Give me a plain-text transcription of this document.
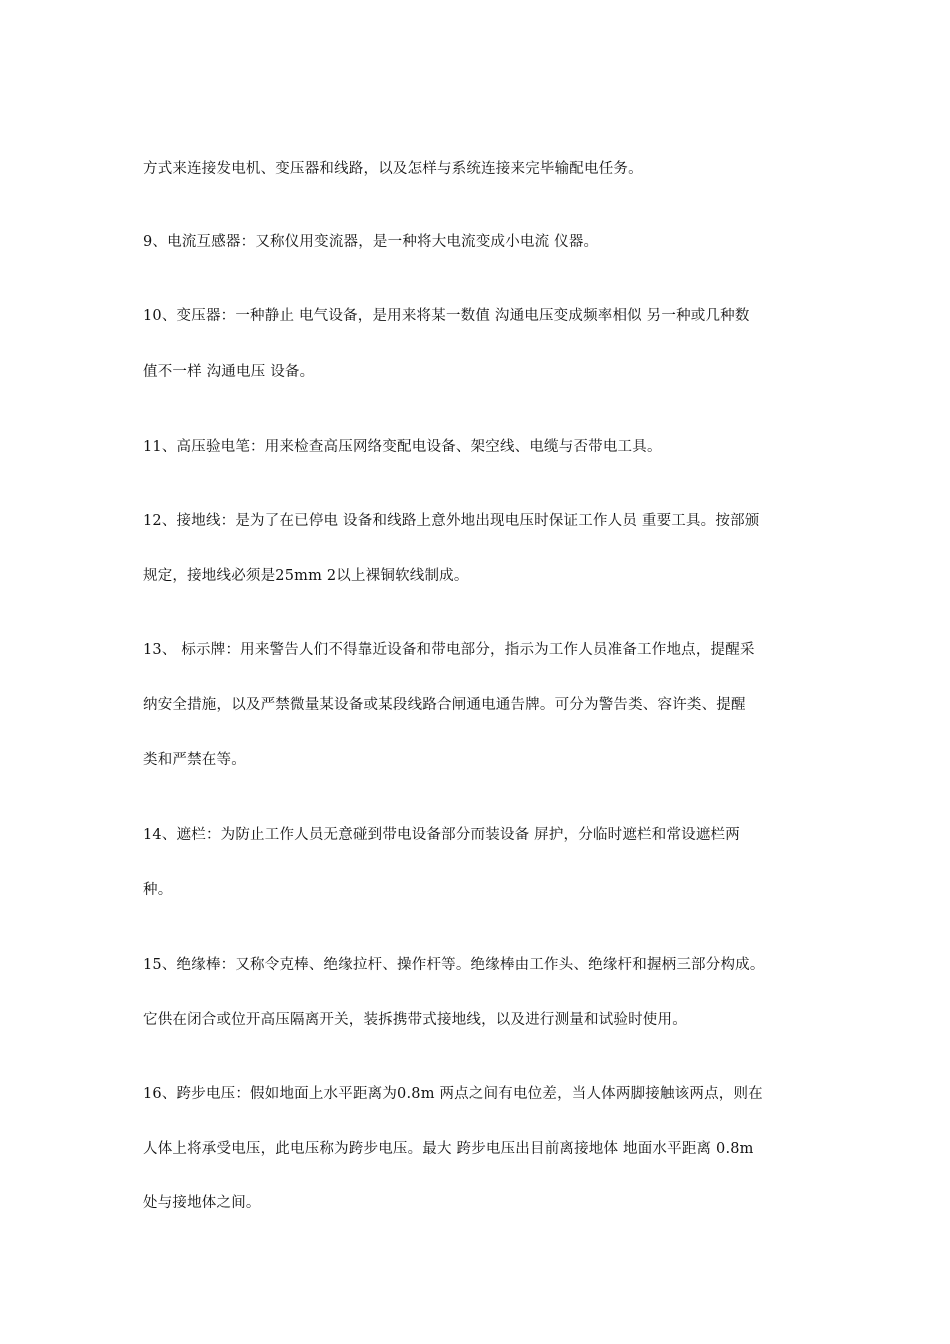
方式来连接发电机、变压器和线路，以及怎样与系统连接来完毕输配电任务。
9、电流互感器：又称仪用变流器，是一种将大电流变成小电流 仪器。
10、变压器：一种静止 电气设备，是用来将某一数值 沟通电压变成频率相似 另一种或几种数
值不一样 沟通电压 设备。
11、高压验电笔：用来检查高压网络变配电设备、架空线、电缆与否带电工具。
12、接地线：是为了在已停电 设备和线路上意外地出现电压时保证工作人员 重要工具。按部颁
规定，接地线必须是25mm 2以上裸铜软线制成。
13、 标示牌：用来警告人们不得靠近设备和带电部分，指示为工作人员准备工作地点，提醒采
纳安全措施，以及严禁微量某设备或某段线路合闸通电通告牌。可分为警告类、容许类、提醒
类和严禁在等。
14、遮栏：为防止工作人员无意碰到带电设备部分而装设备 屏护，分临时遮栏和常设遮栏两
种。
15、绝缘棒：又称令克棒、绝缘拉杆、操作杆等。绝缘棒由工作头、绝缘杆和握柄三部分构成。
它供在闭合或位开高压隔离开关，装拆携带式接地线，以及进行测量和试验时使用。
16、跨步电压：假如地面上水平距离为0.8m 两点之间有电位差，当人体两脚接触该两点，则在
人体上将承受电压，此电压称为跨步电压。最大 跨步电压出目前离接地体 地面水平距离 0.8m
处与接地体之间。
